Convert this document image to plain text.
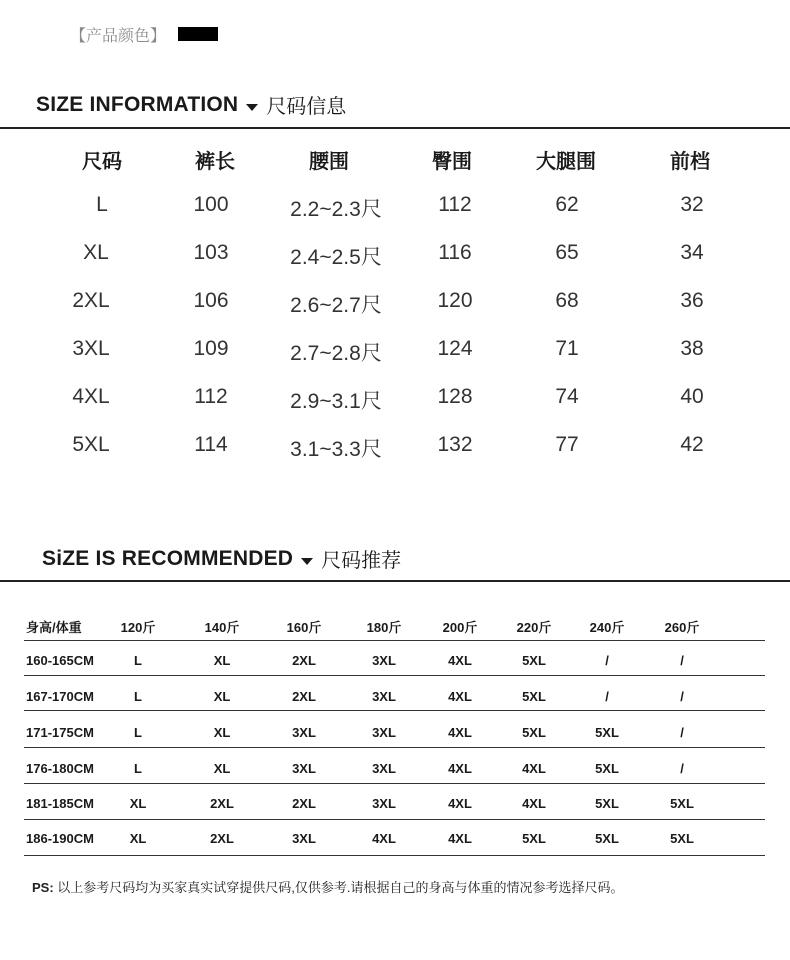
【产品颜色】
SIZE INFORMATION 尺码信息
尺码	裤长	腰围	臀围	大腿围	前档
L	100	2.2~2.3尺	112	62	32
XL	103	2.4~2.5尺	116	65	34
2XL	106	2.6~2.7尺	120	68	36
3XL	109	2.7~2.8尺	124	71	38
4XL	112	2.9~3.1尺	128	74	40
5XL	114	3.1~3.3尺	132	77	42
SiZE IS RECOMMENDED 尺码推荐
身高/体重	120斤	140斤	160斤	180斤	200斤	220斤	240斤	260斤
160-165CM	L	XL	2XL	3XL	4XL	5XL	/	/
167-170CM	L	XL	2XL	3XL	4XL	5XL	/	/
171-175CM	L	XL	3XL	3XL	4XL	5XL	5XL	/
176-180CM	L	XL	3XL	3XL	4XL	4XL	5XL	/
181-185CM	XL	2XL	2XL	3XL	4XL	4XL	5XL	5XL
186-190CM	XL	2XL	3XL	4XL	4XL	5XL	5XL	5XL
PS: 以上参考尺码均为买家真实试穿提供尺码,仅供参考.请根据自己的身高与体重的情况参考选择尺码。
